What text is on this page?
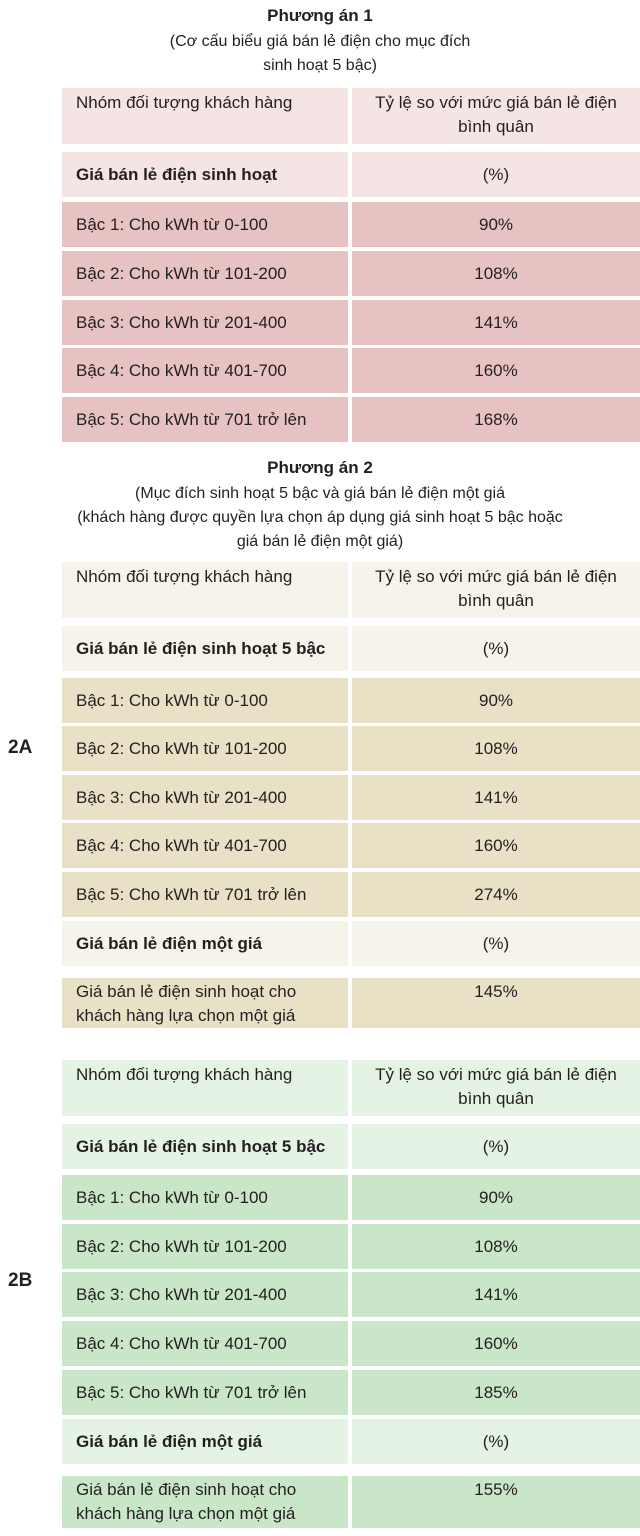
Phương án 1
(Cơ cấu biểu giá bán lẻ điện cho mục đích
sinh hoạt 5 bậc)
Nhóm đối tượng khách hàng	Tỷ lệ so với mức giá bán lẻ điện
bình quân
Giá bán lẻ điện sinh hoạt	(%)
Bậc 1: Cho kWh từ 0-100	90%
Bậc 2: Cho kWh từ 101-200	108%
Bậc 3: Cho kWh từ 201-400	141%
Bậc 4: Cho kWh từ 401-700	160%
Bậc 5: Cho kWh từ 701 trở lên	168%
Phương án 2
(Mục đích sinh hoạt 5 bậc và giá bán lẻ điện một giá
(khách hàng được quyền lựa chọn áp dụng giá sinh hoạt 5 bậc hoặc
giá bán lẻ điện một giá)
2A
Nhóm đối tượng khách hàng	Tỷ lệ so với mức giá bán lẻ điện
bình quân
Giá bán lẻ điện sinh hoạt 5 bậc	(%)
Bậc 1: Cho kWh từ 0-100	90%
Bậc 2: Cho kWh từ 101-200	108%
Bậc 3: Cho kWh từ 201-400	141%
Bậc 4: Cho kWh từ 401-700	160%
Bậc 5: Cho kWh từ 701 trở lên	274%
Giá bán lẻ điện một giá	(%)
Giá bán lẻ điện sinh hoạt cho
khách hàng lựa chọn một giá
145%
2B
Nhóm đối tượng khách hàng	Tỷ lệ so với mức giá bán lẻ điện
bình quân
Giá bán lẻ điện sinh hoạt 5 bậc	(%)
Bậc 1: Cho kWh từ 0-100	90%
Bậc 2: Cho kWh từ 101-200	108%
Bậc 3: Cho kWh từ 201-400	141%
Bậc 4: Cho kWh từ 401-700	160%
Bậc 5: Cho kWh từ 701 trở lên	185%
Giá bán lẻ điện một giá	(%)
Giá bán lẻ điện sinh hoạt cho
khách hàng lựa chọn một giá
155%
